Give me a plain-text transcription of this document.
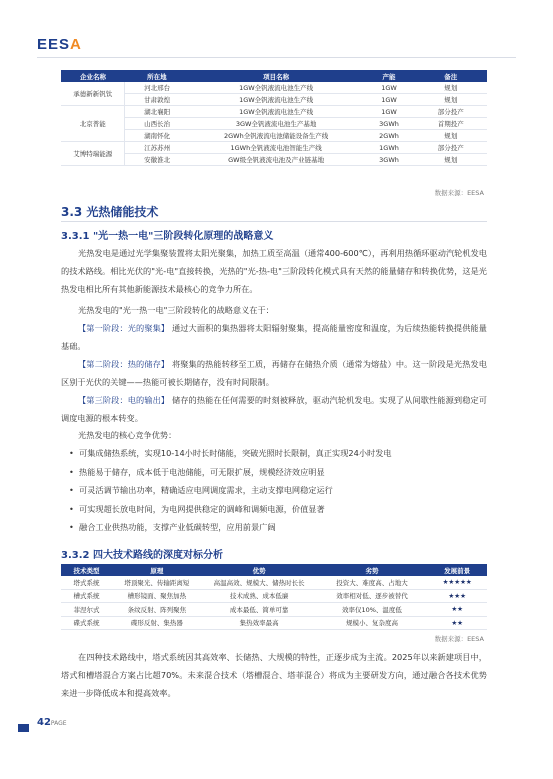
EESA
企业名称	所在地	项目名称	产能	备注
承德新新钒钛	河北邢台	1GW全钒液流电池生产线	1GW	规划
	甘肃敦煌	1GW全钒液流电池生产线	1GW	规划
北京普能	湖北襄阳	1GW全钒液流电池生产线	1GW	部分投产
	山西长治	3GW全钒液流电池生产基地	3GWh	首期投产
	湖南怀化	2GWh全钒液流电池储能设备生产线	2GWh	规划
艾博特瑞能源	江苏苏州	1GWh全钒液流电池智能生产线	1GWh	部分投产
	安徽淮北	GW级全钒液流电池及产业链基地	3GWh	规划
数据来源：EESA
3.3 光热储能技术
3.3.1 "光一热一电"三阶段转化原理的战略意义
光热发电是通过光学集聚装置将太阳光聚集，加热工质至高温（通常400-600℃），再利用热循环驱动汽轮机发电的技术路线。相比光伏的"光-电"直接转换，光热的"光-热-电"三阶段转化模式具有天然的能量储存和转换优势，这是光热发电相比所有其他新能源技术最核心的竞争力所在。
光热发电的"光一热一电"三阶段转化的战略意义在于：
【第一阶段：光的聚集】 通过大面积的集热器将太阳辐射聚集，提高能量密度和温度，为后续热能转换提供能量基础。
【第二阶段：热的储存】 将聚集的热能转移至工质，再储存在储热介质（通常为熔盐）中。这一阶段是光热发电区别于光伏的关键——热能可被长期储存，没有时间限制。
【第三阶段：电的输出】 储存的热能在任何需要的时刻被释放，驱动汽轮机发电。实现了从间歇性能源到稳定可调度电源的根本转变。
光热发电的核心竞争优势：
• 可集成储热系统，实现10-14小时长时储能，突破光照时长限制，真正实现24小时发电
• 热能易于储存，成本低于电池储能，可无限扩展，规模经济效应明显
• 可灵活调节输出功率，精确适应电网调度需求，主动支撑电网稳定运行
• 可实现超长放电时间，为电网提供稳定的调峰和调频电源，价值显著
• 融合工业供热功能，支撑产业低碳转型，应用前景广阔
3.3.2 四大技术路线的深度对标分析
技术类型	原理	优势	劣势	发展前景
塔式系统	塔顶聚光、传输距离短	高温高效、规模大、储热时长长	投资大、难度高、占地大	★★★★★
槽式系统	槽形镜面、聚焦加热	技术成熟、成本低廉	效率相对低、逐步被替代	★★★
菲涅尔式	条纹反射、阵列聚焦	成本最低、简单可靠	效率仅10%、温度低	★★
碟式系统	碟形反射、集热器	集热效率最高	规模小、复杂度高	★★
数据来源：EESA
在四种技术路线中，塔式系统因其高效率、长储热、大规模的特性，正逐步成为主流。2025年以来新建项目中，塔式和槽塔混合方案占比超70%。未来混合技术（塔槽混合、塔菲混合）将成为主要研发方向，通过融合各技术优势来进一步降低成本和提高效率。
42PAGE
